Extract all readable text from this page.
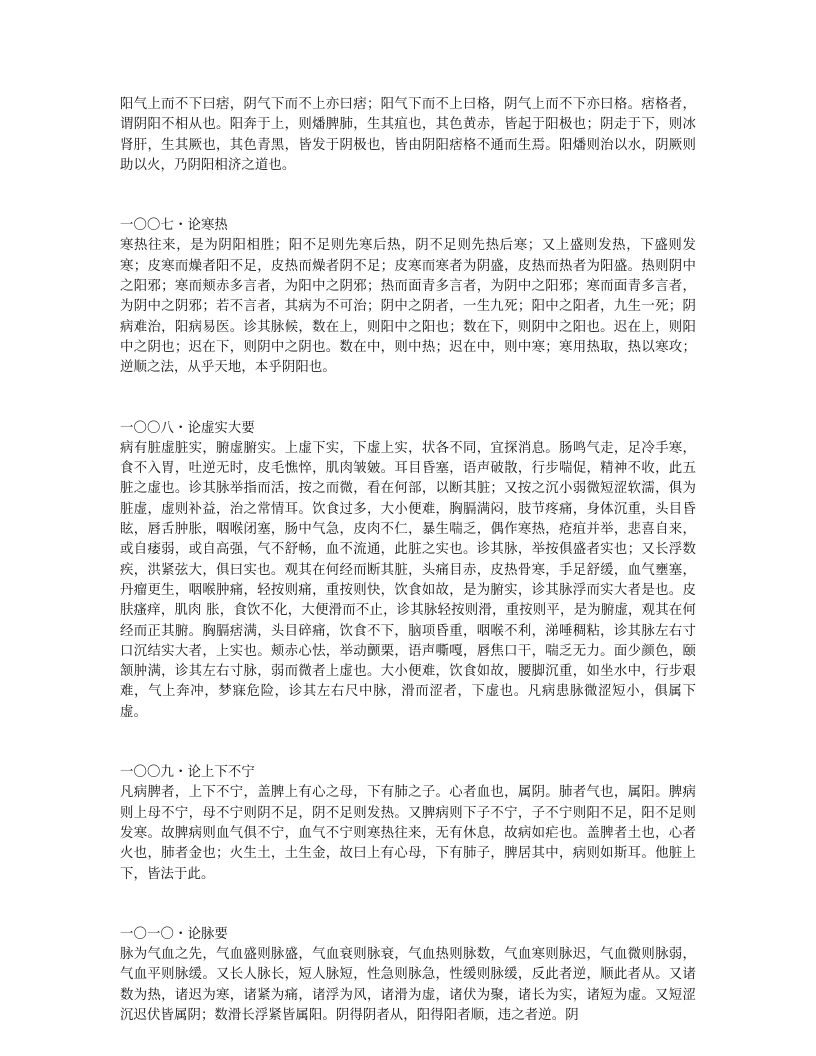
阳气上而不下曰痞，阴气下而不上亦曰痞；阳气下而不上曰格，阴气上而不下亦曰格。痞格者，谓阴阳不相从也。阳奔于上，则燔脾肺，生其疽也，其色黄赤，皆起于阳极也；阴走于下，则冰肾肝，生其厥也，其色青黑，皆发于阴极也，皆由阴阳痞格不通而生焉。阳燔则治以水，阴厥则助以火，乃阴阳相济之道也。

一〇〇七・论寒热

寒热往来，是为阴阳相胜；阳不足则先寒后热，阴不足则先热后寒；又上盛则发热，下盛则发寒；皮寒而燥者阳不足，皮热而燥者阴不足；皮寒而寒者为阴盛，皮热而热者为阳盛。热则阴中之阳邪；寒而颊赤多言者，为阳中之阴邪；热而面青多言者，为阴中之阳邪；寒而面青多言者，为阴中之阴邪；若不言者，其病为不可治；阴中之阴者，一生九死；阳中之阳者，九生一死；阴病难治，阳病易医。诊其脉候，数在上，则阳中之阳也；数在下，则阴中之阳也。迟在上，则阳中之阴也；迟在下，则阴中之阴也。数在中，则中热；迟在中，则中寒；寒用热取，热以寒攻；逆顺之法，从乎天地，本乎阴阳也。

一〇〇八・论虚实大要

病有脏虚脏实，腑虚腑实。上虚下实，下虚上实，状各不同，宜探消息。肠鸣气走，足冷手寒，食不入胃，吐逆无时，皮毛憔悴，肌肉皱皴。耳目昏塞，语声破散，行步喘促，精神不收，此五脏之虚也。诊其脉举指而活，按之而微，看在何部，以断其脏；又按之沉小弱微短涩软濡，俱为脏虚，虚则补益，治之常情耳。饮食过多，大小便难，胸膈满闷，肢节疼痛，身体沉重，头目昏眩，唇舌肿胀，咽喉闭塞，肠中气急，皮肉不仁，暴生喘乏，偶作寒热，疮疽并举，悲喜自来，或自痿弱，或自高强，气不舒畅，血不流通，此脏之实也。诊其脉，举按俱盛者实也；又长浮数疾，洪紧弦大，俱曰实也。观其在何经而断其脏，头痛目赤，皮热骨寒，手足舒缓，血气壅塞，丹瘤更生，咽喉肿痛，轻按则痛，重按则快，饮食如故，是为腑实，诊其脉浮而实大者是也。皮肤瘙痒，肌肉 胀，食饮不化，大便滑而不止，诊其脉轻按则滑，重按则平，是为腑虚，观其在何经而正其腑。胸膈痞满，头目碎痛，饮食不下，脑项昏重，咽喉不利，涕唾稠粘，诊其脉左右寸口沉结实大者，上实也。颊赤心怯，举动颤栗，语声嘶嘎，唇焦口干，喘乏无力。面少颜色，颐颔肿满，诊其左右寸脉，弱而微者上虚也。大小便难，饮食如故，腰脚沉重，如坐水中，行步艰难，气上奔冲，梦寐危险，诊其左右尺中脉，滑而涩者，下虚也。凡病患脉微涩短小，俱属下虚。

一〇〇九・论上下不宁

凡病脾者，上下不宁，盖脾上有心之母，下有肺之子。心者血也，属阴。肺者气也，属阳。脾病则上母不宁，母不宁则阴不足，阴不足则发热。又脾病则下子不宁，子不宁则阳不足，阳不足则发寒。故脾病则血气俱不宁，血气不宁则寒热往来，无有休息，故病如疟也。盖脾者土也，心者火也，肺者金也；火生土，土生金，故曰上有心母，下有肺子，脾居其中，病则如斯耳。他脏上下，皆法于此。

一〇一〇・论脉要

脉为气血之先，气血盛则脉盛，气血衰则脉衰，气血热则脉数，气血寒则脉迟，气血微则脉弱，气血平则脉缓。又长人脉长，短人脉短，性急则脉急，性缓则脉缓，反此者逆，顺此者从。又诸数为热，诸迟为寒，诸紧为痛，诸浮为风，诸滑为虚，诸伏为聚，诸长为实，诸短为虚。又短涩沉迟伏皆属阴；数滑长浮紧皆属阳。阴得阴者从，阳得阳者顺，违之者逆。阴
